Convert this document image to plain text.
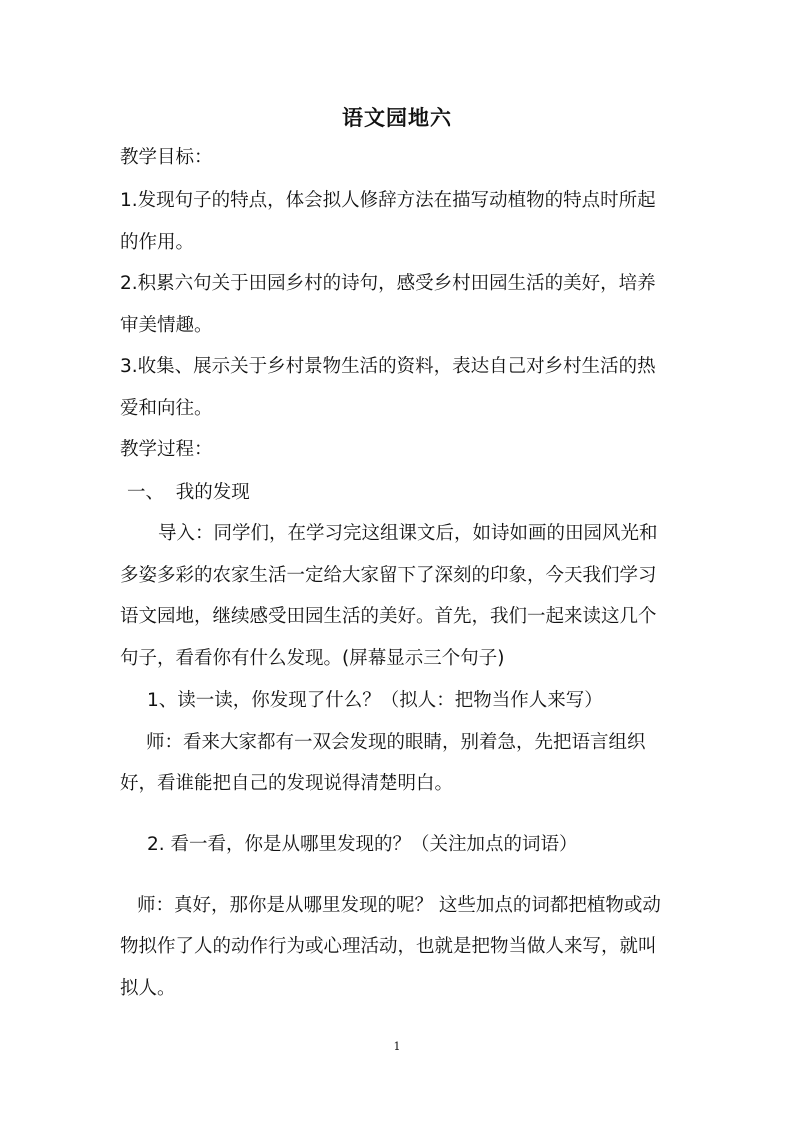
语文园地六
教学目标：
1.发现句子的特点，体会拟人修辞方法在描写动植物的特点时所起
的作用。
2.积累六句关于田园乡村的诗句，感受乡村田园生活的美好，培养
审美情趣。
3.收集、展示关于乡村景物生活的资料，表达自己对乡村生活的热
爱和向往。
教学过程：
一、  我的发现
导入：同学们，在学习完这组课文后，如诗如画的田园风光和
多姿多彩的农家生活一定给大家留下了深刻的印象，今天我们学习
语文园地，继续感受田园生活的美好。首先，我们一起来读这几个
句子，看看你有什么发现。(屏幕显示三个句子)
1、读一读，你发现了什么？（拟人：把物当作人来写）
师：看来大家都有一双会发现的眼睛，别着急，先把语言组织
好，看谁能把自己的发现说得清楚明白。
2. 看一看，你是从哪里发现的？（关注加点的词语）
师：真好，那你是从哪里发现的呢？ 这些加点的词都把植物或动
物拟作了人的动作行为或心理活动，也就是把物当做人来写，就叫
拟人。
1
